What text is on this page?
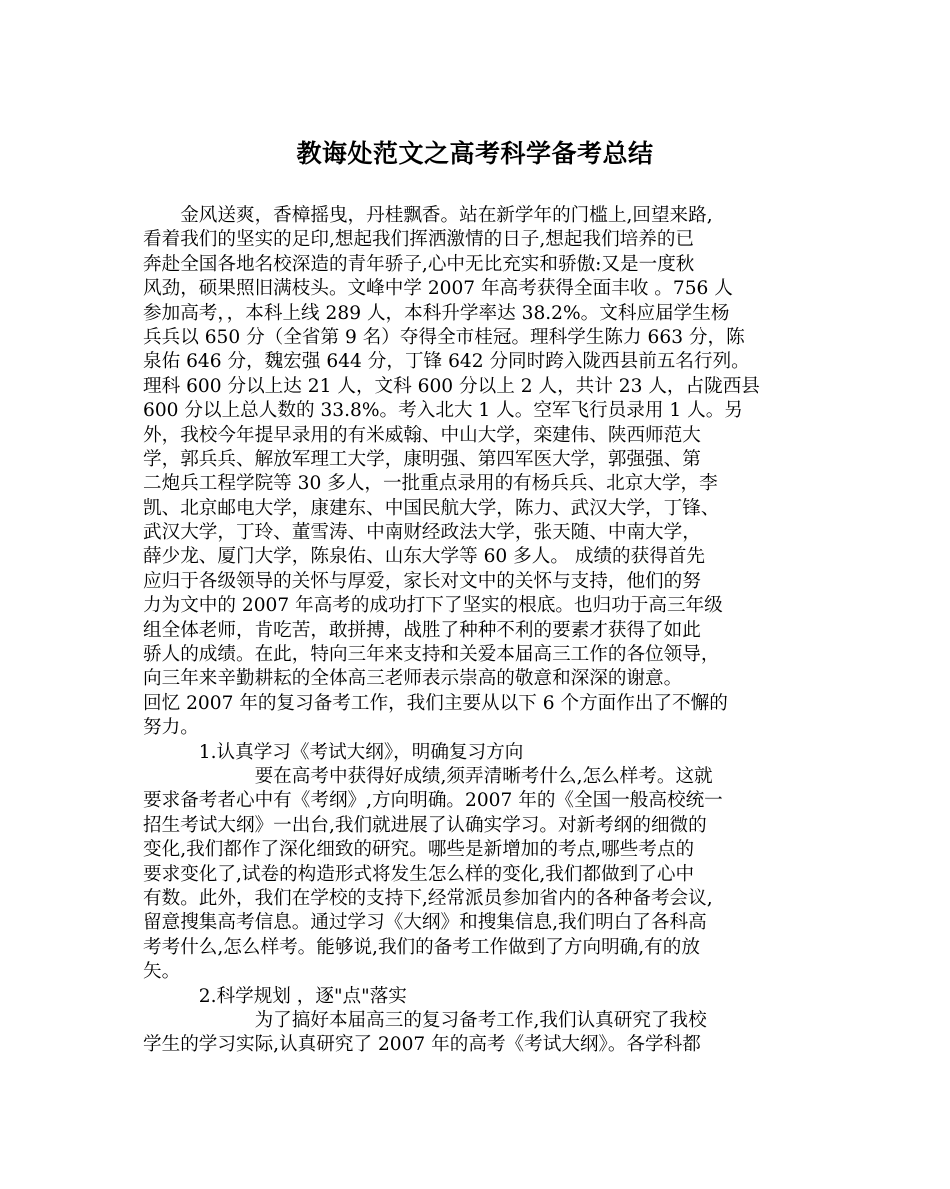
教诲处范文之高考科学备考总结
　　金风送爽，香樟摇曳，丹桂飘香。站在新学年的门槛上,回望来路,
看着我们的坚实的足印,想起我们挥洒激情的日子,想起我们培养的已
奔赴全国各地名校深造的青年骄子,心中无比充实和骄傲:又是一度秋
风劲，硕果照旧满枝头。文峰中学 2007 年高考获得全面丰收 。756 人
参加高考，，本科上线 289 人，本科升学率达 38.2%。文科应届学生杨
兵兵以 650 分（全省第 9 名）夺得全市桂冠。理科学生陈力 663 分，陈
泉佑 646 分，魏宏强 644 分，丁锋 642 分同时跨入陇西县前五名行列。
理科 600 分以上达 21 人，文科 600 分以上 2 人，共计 23 人，占陇西县
600 分以上总人数的 33.8%。考入北大 1 人。空军飞行员录用 1 人。另
外，我校今年提早录用的有米威翰、中山大学，栾建伟、陕西师范大
学，郭兵兵、解放军理工大学，康明强、第四军医大学，郭强强、第
二炮兵工程学院等 30 多人，一批重点录用的有杨兵兵、北京大学，李
凯、北京邮电大学，康建东、中国民航大学，陈力、武汉大学，丁锋、
武汉大学，丁玲、董雪涛、中南财经政法大学，张天随、中南大学，
薛少龙、厦门大学，陈泉佑、山东大学等 60 多人。 成绩的获得首先
应归于各级领导的关怀与厚爱，家长对文中的关怀与支持，他们的努
力为文中的 2007 年高考的成功打下了坚实的根底。也归功于高三年级
组全体老师，肯吃苦，敢拼搏，战胜了种种不利的要素才获得了如此
骄人的成绩。在此，特向三年来支持和关爱本届高三工作的各位领导，
向三年来辛勤耕耘的全体高三老师表示崇高的敬意和深深的谢意。
回忆 2007 年的复习备考工作，我们主要从以下 6 个方面作出了不懈的
努力。
　　　1.认真学习《考试大纲》，明确复习方向
　　　　　　要在高考中获得好成绩,须弄清晰考什么,怎么样考。这就
要求备考者心中有《考纲》,方向明确。2007 年的《全国一般高校统一
招生考试大纲》一出台,我们就进展了认确实学习。对新考纲的细微的
变化,我们都作了深化细致的研究。哪些是新增加的考点,哪些考点的
要求变化了,试卷的构造形式将发生怎么样的变化,我们都做到了心中
有数。此外，我们在学校的支持下,经常派员参加省内的各种备考会议,
留意搜集高考信息。通过学习《大纲》和搜集信息,我们明白了各科高
考考什么,怎么样考。能够说,我们的备考工作做到了方向明确,有的放
矢。
　　　2.科学规划 ，逐"点"落实
　　　　　　为了搞好本届高三的复习备考工作,我们认真研究了我校
学生的学习实际,认真研究了 2007 年的高考《考试大纲》。各学科都
